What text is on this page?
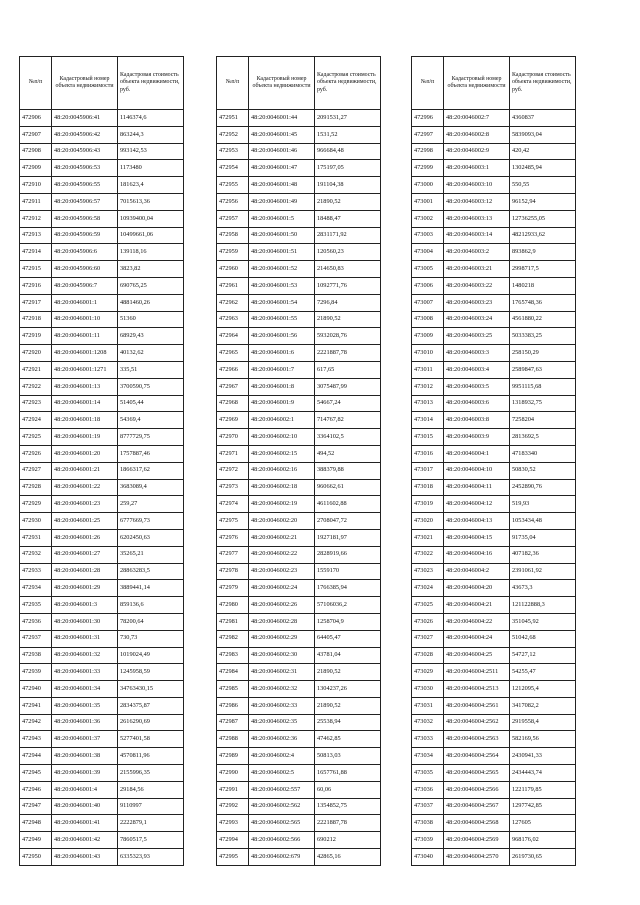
№п/п	Кадастровый номер объекта недвижимости	Кадастровая стоимость объекта недвижимости, руб.
472906	48:20:0045906:41	1146374,6
472907	48:20:0045906:42	863244,3
472908	48:20:0045906:43	993142,53
472909	48:20:0045906:53	1173480
472910	48:20:0045906:55	181623,4
472911	48:20:0045906:57	7015613,36
472912	48:20:0045906:58	10939400,04
472913	48:20:0045906:59	10499661,06
472914	48:20:0045906:6	139118,16
472915	48:20:0045906:60	3823,82
472916	48:20:0045906:7	690765,25
472917	48:20:0046001:1	4881460,26
472918	48:20:0046001:10	51360
472919	48:20:0046001:11	68929,43
472920	48:20:0046001:1208	40132,62
472921	48:20:0046001:1271	335,51
472922	48:20:0046001:13	3700590,75
472923	48:20:0046001:14	51405,44
472924	48:20:0046001:18	54369,4
472925	48:20:0046001:19	8777729,75
472926	48:20:0046001:20	1757887,46
472927	48:20:0046001:21	1866317,62
472928	48:20:0046001:22	3683089,4
472929	48:20:0046001:23	259,27
472930	48:20:0046001:25	6777669,73
472931	48:20:0046001:26	6202450,63
472932	48:20:0046001:27	35265,21
472933	48:20:0046001:28	28863283,5
472934	48:20:0046001:29	3889441,14
472935	48:20:0046001:3	859136,6
472936	48:20:0046001:30	78200,64
472937	48:20:0046001:31	730,73
472938	48:20:0046001:32	1019024,49
472939	48:20:0046001:33	1245958,59
472940	48:20:0046001:34	34763430,15
472941	48:20:0046001:35	2834375,87
472942	48:20:0046001:36	2616290,69
472943	48:20:0046001:37	5277401,58
472944	48:20:0046001:38	4570811,96
472945	48:20:0046001:39	2155996,35
472946	48:20:0046001:4	29184,56
472947	48:20:0046001:40	9110997
472948	48:20:0046001:41	2222879,1
472949	48:20:0046001:42	7860517,5
472950	48:20:0046001:43	6335323,93
№п/п	Кадастровый номер объекта недвижимости	Кадастровая стоимость объекта недвижимости, руб.
472951	48:20:0046001:44	2091531,27
472952	48:20:0046001:45	1531,52
472953	48:20:0046001:46	966684,48
472954	48:20:0046001:47	175197,05
472955	48:20:0046001:48	191104,38
472956	48:20:0046001:49	21890,52
472957	48:20:0046001:5	18488,47
472958	48:20:0046001:50	2831171,92
472959	48:20:0046001:51	120560,23
472960	48:20:0046001:52	214650,83
472961	48:20:0046001:53	1092771,76
472962	48:20:0046001:54	7296,84
472963	48:20:0046001:55	21890,52
472964	48:20:0046001:56	5932028,76
472965	48:20:0046001:6	2221887,78
472966	48:20:0046001:7	617,65
472967	48:20:0046001:8	3075487,99
472968	48:20:0046001:9	54667,24
472969	48:20:0046002:1	714767,82
472970	48:20:0046002:10	3364102,5
472971	48:20:0046002:15	494,52
472972	48:20:0046002:16	388379,88
472973	48:20:0046002:18	960662,61
472974	48:20:0046002:19	4611602,88
472975	48:20:0046002:20	2708047,72
472976	48:20:0046002:21	1927181,97
472977	48:20:0046002:22	2828919,66
472978	48:20:0046002:23	1559170
472979	48:20:0046002:24	1766385,94
472980	48:20:0046002:26	57106036,2
472981	48:20:0046002:28	1258704,9
472982	48:20:0046002:29	64405,47
472983	48:20:0046002:30	43781,04
472984	48:20:0046002:31	21890,52
472985	48:20:0046002:32	1304237,26
472986	48:20:0046002:33	21890,52
472987	48:20:0046002:35	25538,94
472988	48:20:0046002:36	47462,85
472989	48:20:0046002:4	50813,03
472990	48:20:0046002:5	1657761,88
472991	48:20:0046002:557	60,06
472992	48:20:0046002:562	1354852,75
472993	48:20:0046002:565	2221887,78
472994	48:20:0046002:566	690212
472995	48:20:0046002:679	42865,16
№п/п	Кадастровый номер объекта недвижимости	Кадастровая стоимость объекта недвижимости, руб.
472996	48:20:0046002:7	4360837
472997	48:20:0046002:8	5839093,04
472998	48:20:0046002:9	420,42
472999	48:20:0046003:1	1302485,94
473000	48:20:0046003:10	550,55
473001	48:20:0046003:12	96152,94
473002	48:20:0046003:13	12736255,05
473003	48:20:0046003:14	48212933,62
473004	48:20:0046003:2	893862,9
473005	48:20:0046003:21	2998717,5
473006	48:20:0046003:22	1480218
473007	48:20:0046003:23	1765748,36
473008	48:20:0046003:24	4561880,22
473009	48:20:0046003:25	5033383,25
473010	48:20:0046003:3	258150,29
473011	48:20:0046003:4	2589847,63
473012	48:20:0046003:5	9951115,68
473013	48:20:0046003:6	1318932,75
473014	48:20:0046003:8	7258204
473015	48:20:0046003:9	2813692,5
473016	48:20:0046004:1	47183340
473017	48:20:0046004:10	50830,52
473018	48:20:0046004:11	2452890,76
473019	48:20:0046004:12	519,93
473020	48:20:0046004:13	1053434,48
473021	48:20:0046004:15	91735,04
473022	48:20:0046004:16	407182,36
473023	48:20:0046004:2	2391061,92
473024	48:20:0046004:20	43673,3
473025	48:20:0046004:21	121122888,3
473026	48:20:0046004:22	351045,92
473027	48:20:0046004:24	51042,68
473028	48:20:0046004:25	54727,12
473029	48:20:0046004:2511	54255,47
473030	48:20:0046004:2513	1212095,4
473031	48:20:0046004:2561	3417082,2
473032	48:20:0046004:2562	2919558,4
473033	48:20:0046004:2563	582169,56
473034	48:20:0046004:2564	2430941,33
473035	48:20:0046004:2565	2434443,74
473036	48:20:0046004:2566	1221179,85
473037	48:20:0046004:2567	1297742,85
473038	48:20:0046004:2568	127605
473039	48:20:0046004:2569	968176,02
473040	48:20:0046004:2570	2619730,65
